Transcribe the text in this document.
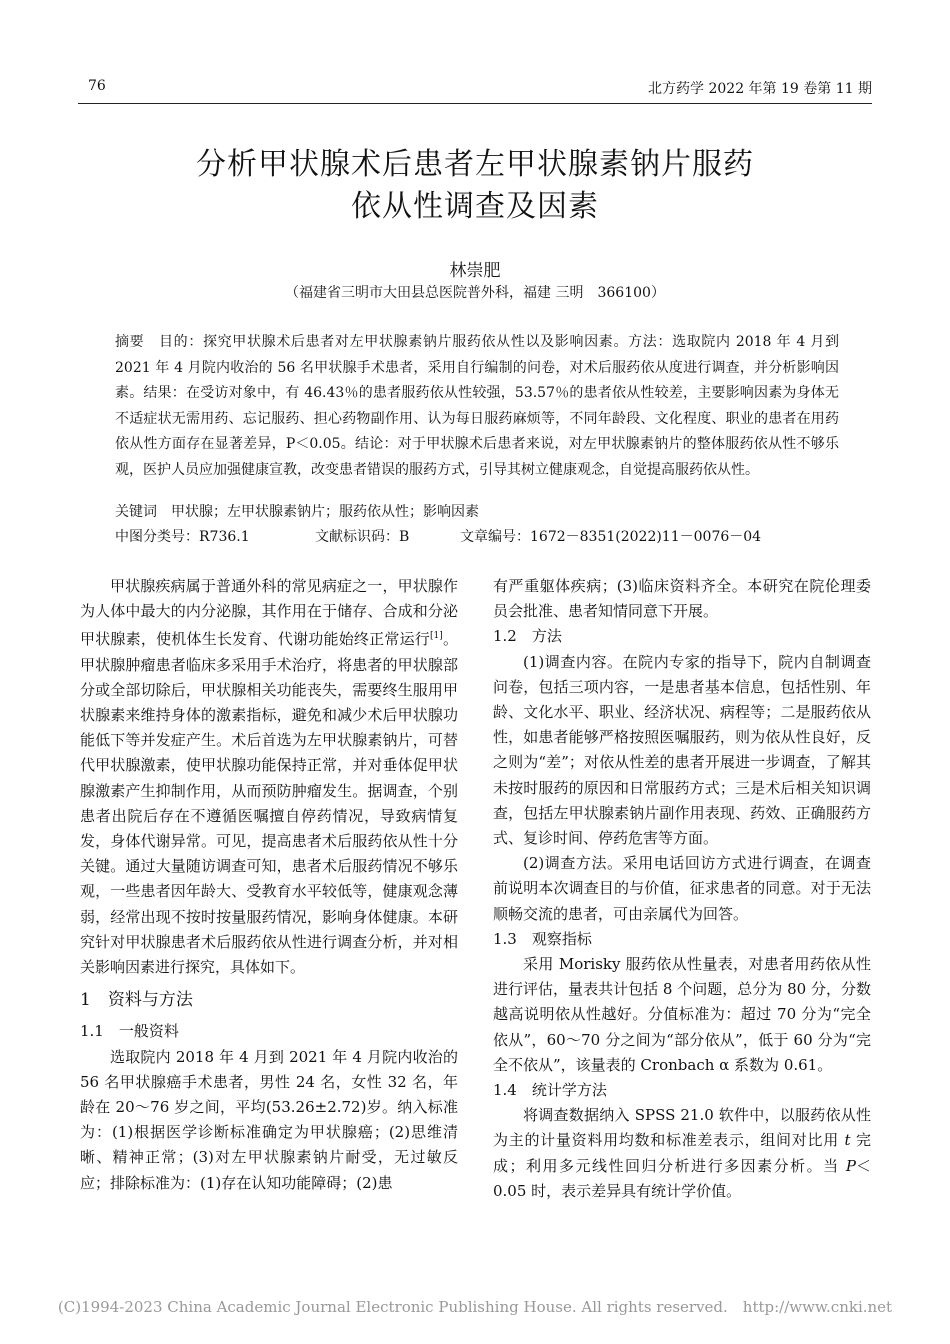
76	北方药学 2022 年第 19 卷第 11 期
分析甲状腺术后患者左甲状腺素钠片服药
依从性调查及因素
林崇肥
（福建省三明市大田县总医院普外科，福建 三明　366100）
摘要　 目的：探究甲状腺术后患者对左甲状腺素钠片服药依从性以及影响因素。方法：选取院内 2018 年 4 月到 2021 年 4 月院内收治的 56 名甲状腺手术患者，采用自行编制的问卷，对术后服药依从度进行调查，并分析影响因素。结果：在受访对象中，有 46.43％的患者服药依从性较强，53.57％的患者依从性较差，主要影响因素为身体无不适症状无需用药、忘记服药、担心药物副作用、认为每日服药麻烦等，不同年龄段、文化程度、职业的患者在用药依从性方面存在显著差异，P＜0.05。结论：对于甲状腺术后患者来说，对左甲状腺素钠片的整体服药依从性不够乐观，医护人员应加强健康宣教，改变患者错误的服药方式，引导其树立健康观念，自觉提高服药依从性。
关键词　 甲状腺；左甲状腺素钠片；服药依从性；影响因素
中图分类号：R736.1	文献标识码：B	文章编号：1672－8351(2022)11－0076－04

甲状腺疾病属于普通外科的常见病症之一，甲状腺作为人体中最大的内分泌腺，其作用在于储存、合成和分泌甲状腺素，使机体生长发育、代谢功能始终正常运行[1]。甲状腺肿瘤患者临床多采用手术治疗，将患者的甲状腺部分或全部切除后，甲状腺相关功能丧失，需要终生服用甲状腺素来维持身体的激素指标，避免和减少术后甲状腺功能低下等并发症产生。术后首选为左甲状腺素钠片，可替代甲状腺激素，使甲状腺功能保持正常，并对垂体促甲状腺激素产生抑制作用，从而预防肿瘤发生。据调查，个别患者出院后存在不遵循医嘱擅自停药情况，导致病情复发，身体代谢异常。可见，提高患者术后服药依从性十分关键。通过大量随访调查可知，患者术后服药情况不够乐观，一些患者因年龄大、受教育水平较低等，健康观念薄弱，经常出现不按时按量服药情况，影响身体健康。本研究针对甲状腺患者术后服药依从性进行调查分析，并对相关影响因素进行探究，具体如下。

1　资料与方法

1.1　一般资料

选取院内 2018 年 4 月到 2021 年 4 月院内收治的 56 名甲状腺癌手术患者，男性 24 名，女性 32 名，年龄在 20～76 岁之间，平均(53.26±2.72)岁。纳入标准为：(1)根据医学诊断标准确定为甲状腺癌；(2)思维清晰、精神正常；(3)对左甲状腺素钠片耐受，无过敏反应；排除标准为：(1)存在认知功能障碍；(2)患

有严重躯体疾病；(3)临床资料齐全。本研究在院伦理委员会批准、患者知情同意下开展。

1.2　方法

(1)调查内容。在院内专家的指导下，院内自制调查问卷，包括三项内容，一是患者基本信息，包括性别、年龄、文化水平、职业、经济状况、病程等；二是服药依从性，如患者能够严格按照医嘱服药，则为依从性良好，反之则为“差”；对依从性差的患者开展进一步调查，了解其未按时服药的原因和日常服药方式；三是术后相关知识调查，包括左甲状腺素钠片副作用表现、药效、正确服药方式、复诊时间、停药危害等方面。

(2)调查方法。采用电话回访方式进行调查，在调查前说明本次调查目的与价值，征求患者的同意。对于无法顺畅交流的患者，可由亲属代为回答。

1.3　观察指标

采用 Morisky 服药依从性量表，对患者用药依从性进行评估，量表共计包括 8 个问题，总分为 80 分，分数越高说明依从性越好。分值标准为：超过 70 分为“完全依从”，60～70 分之间为“部分依从”，低于 60 分为“完全不依从”，该量表的 Cronbach α 系数为 0.61。

1.4　统计学方法

将调查数据纳入 SPSS 21.0 软件中，以服药依从性为主的计量资料用均数和标准差表示，组间对比用 t 完成；利用多元线性回归分析进行多因素分析。当 P＜0.05 时，表示差异具有统计学价值。

(C)1994-2023 China Academic Journal Electronic Publishing House. All rights reserved.　http://www.cnki.net
